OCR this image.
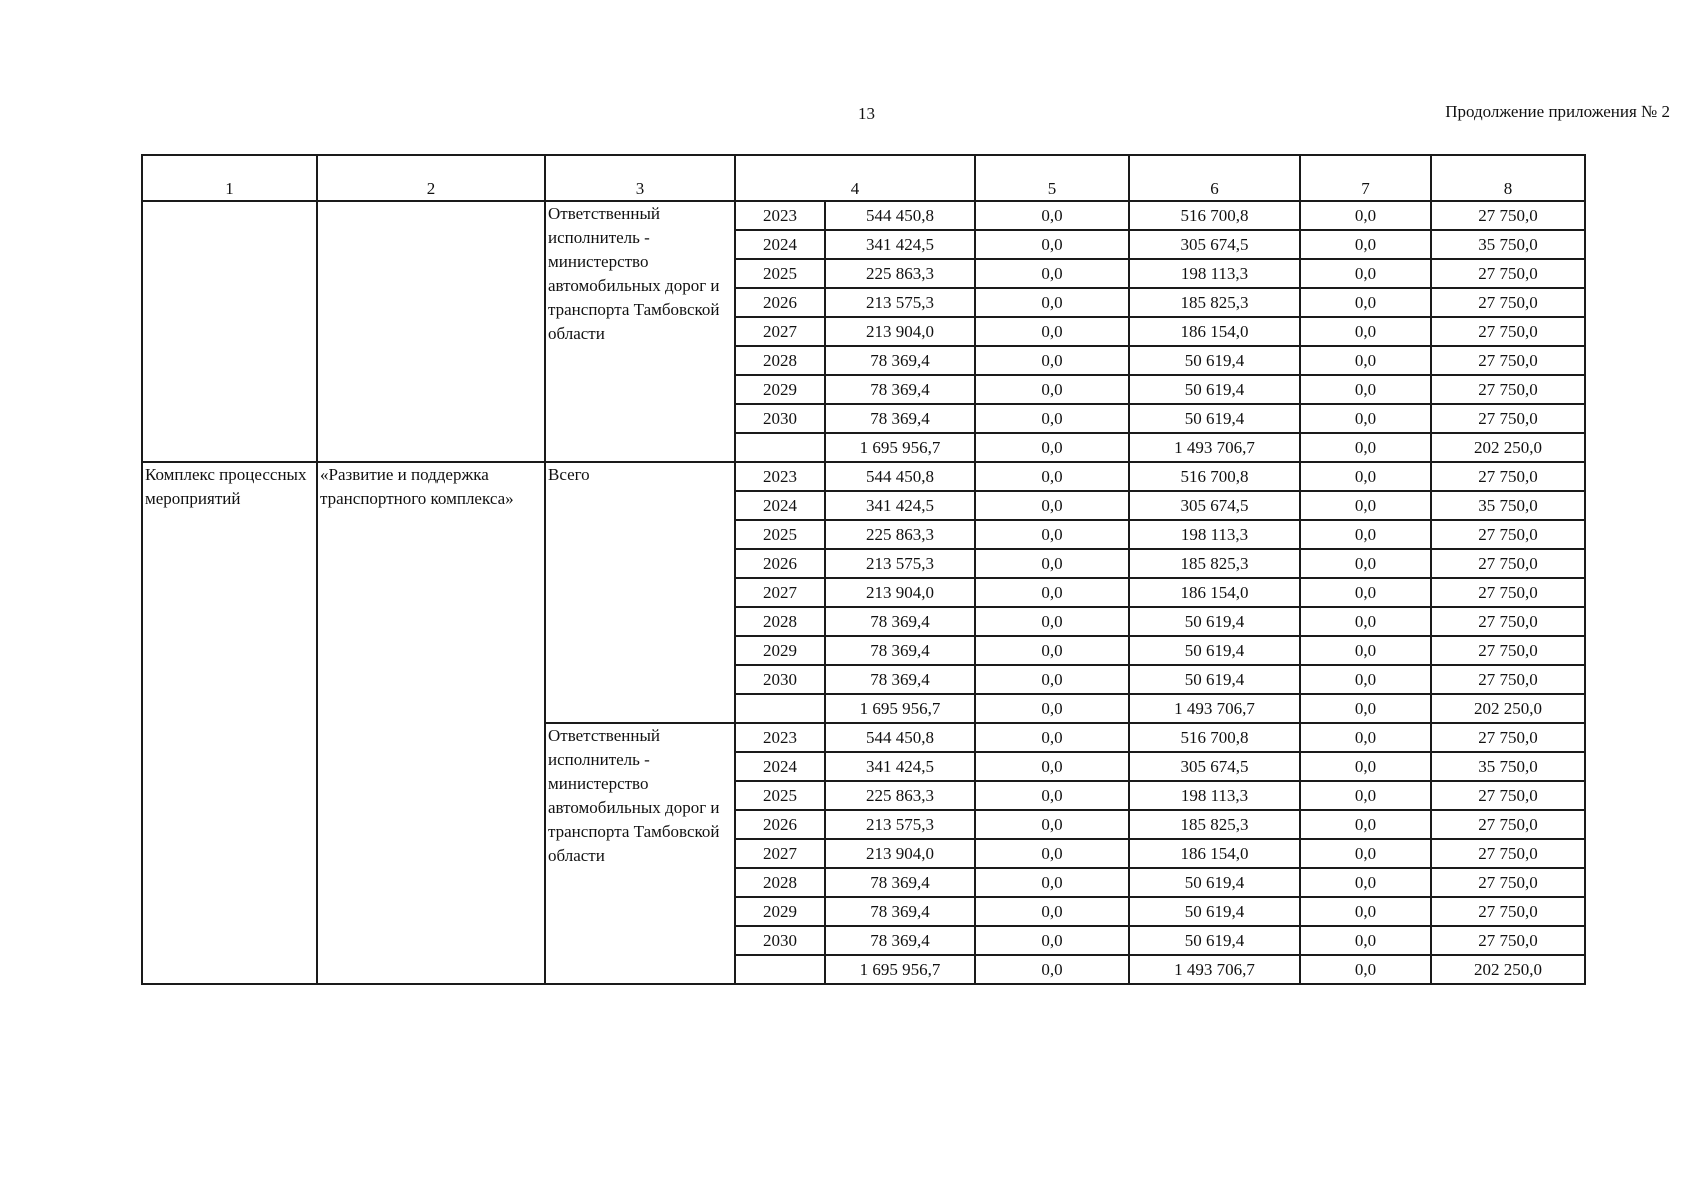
13	Продолжение приложения № 2
1	2	3	4		5	6	7	8
		Ответственный исполнитель - министерство автомобильных дорог и транспорта Тамбовской области	2023	544 450,8	0,0	516 700,8	0,0	27 750,0
			2024	341 424,5	0,0	305 674,5	0,0	35 750,0
			2025	225 863,3	0,0	198 113,3	0,0	27 750,0
			2026	213 575,3	0,0	185 825,3	0,0	27 750,0
			2027	213 904,0	0,0	186 154,0	0,0	27 750,0
			2028	78 369,4	0,0	50 619,4	0,0	27 750,0
			2029	78 369,4	0,0	50 619,4	0,0	27 750,0
			2030	78 369,4	0,0	50 619,4	0,0	27 750,0
				1 695 956,7	0,0	1 493 706,7	0,0	202 250,0
Комплекс процессных мероприятий	«Развитие и поддержка транспортного комплекса»	Всего	2023	544 450,8	0,0	516 700,8	0,0	27 750,0
			2024	341 424,5	0,0	305 674,5	0,0	35 750,0
			2025	225 863,3	0,0	198 113,3	0,0	27 750,0
			2026	213 575,3	0,0	185 825,3	0,0	27 750,0
			2027	213 904,0	0,0	186 154,0	0,0	27 750,0
			2028	78 369,4	0,0	50 619,4	0,0	27 750,0
			2029	78 369,4	0,0	50 619,4	0,0	27 750,0
			2030	78 369,4	0,0	50 619,4	0,0	27 750,0
				1 695 956,7	0,0	1 493 706,7	0,0	202 250,0
		Ответственный исполнитель - министерство автомобильных дорог и транспорта Тамбовской области	2023	544 450,8	0,0	516 700,8	0,0	27 750,0
			2024	341 424,5	0,0	305 674,5	0,0	35 750,0
			2025	225 863,3	0,0	198 113,3	0,0	27 750,0
			2026	213 575,3	0,0	185 825,3	0,0	27 750,0
			2027	213 904,0	0,0	186 154,0	0,0	27 750,0
			2028	78 369,4	0,0	50 619,4	0,0	27 750,0
			2029	78 369,4	0,0	50 619,4	0,0	27 750,0
			2030	78 369,4	0,0	50 619,4	0,0	27 750,0
				1 695 956,7	0,0	1 493 706,7	0,0	202 250,0
